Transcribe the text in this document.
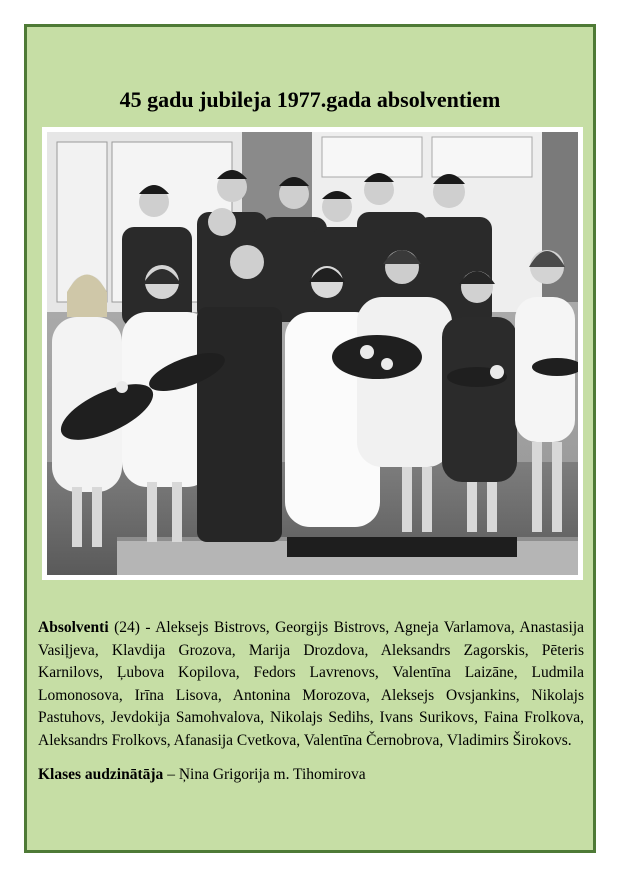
45 gadu jubileja 1977.gada absolventiem

Absolventi (24) - Aleksejs Bistrovs, Georgijs Bistrovs, Agneja Varlamova, Anastasija Vasiļjeva, Klavdija Grozova, Marija Drozdova, Aleksandrs Zagorskis, Pēteris Karnilovs, Ļubova Kopilova, Fedors Lavrenovs, Valentīna Laizāne, Ludmila Lomonosova, Irīna Lisova, Antonina Morozova, Aleksejs Ovsjankins, Nikolajs Pastuhovs, Jevdokija Samohvalova, Nikolajs Sedihs, Ivans Surikovs, Faina Frolkova, Aleksandrs Frolkovs, Afanasija Cvetkova, Valentīna Černobrova, Vladimirs Širokovs.

Klases audzinātāja – Ņina Grigorija m. Tihomirova
